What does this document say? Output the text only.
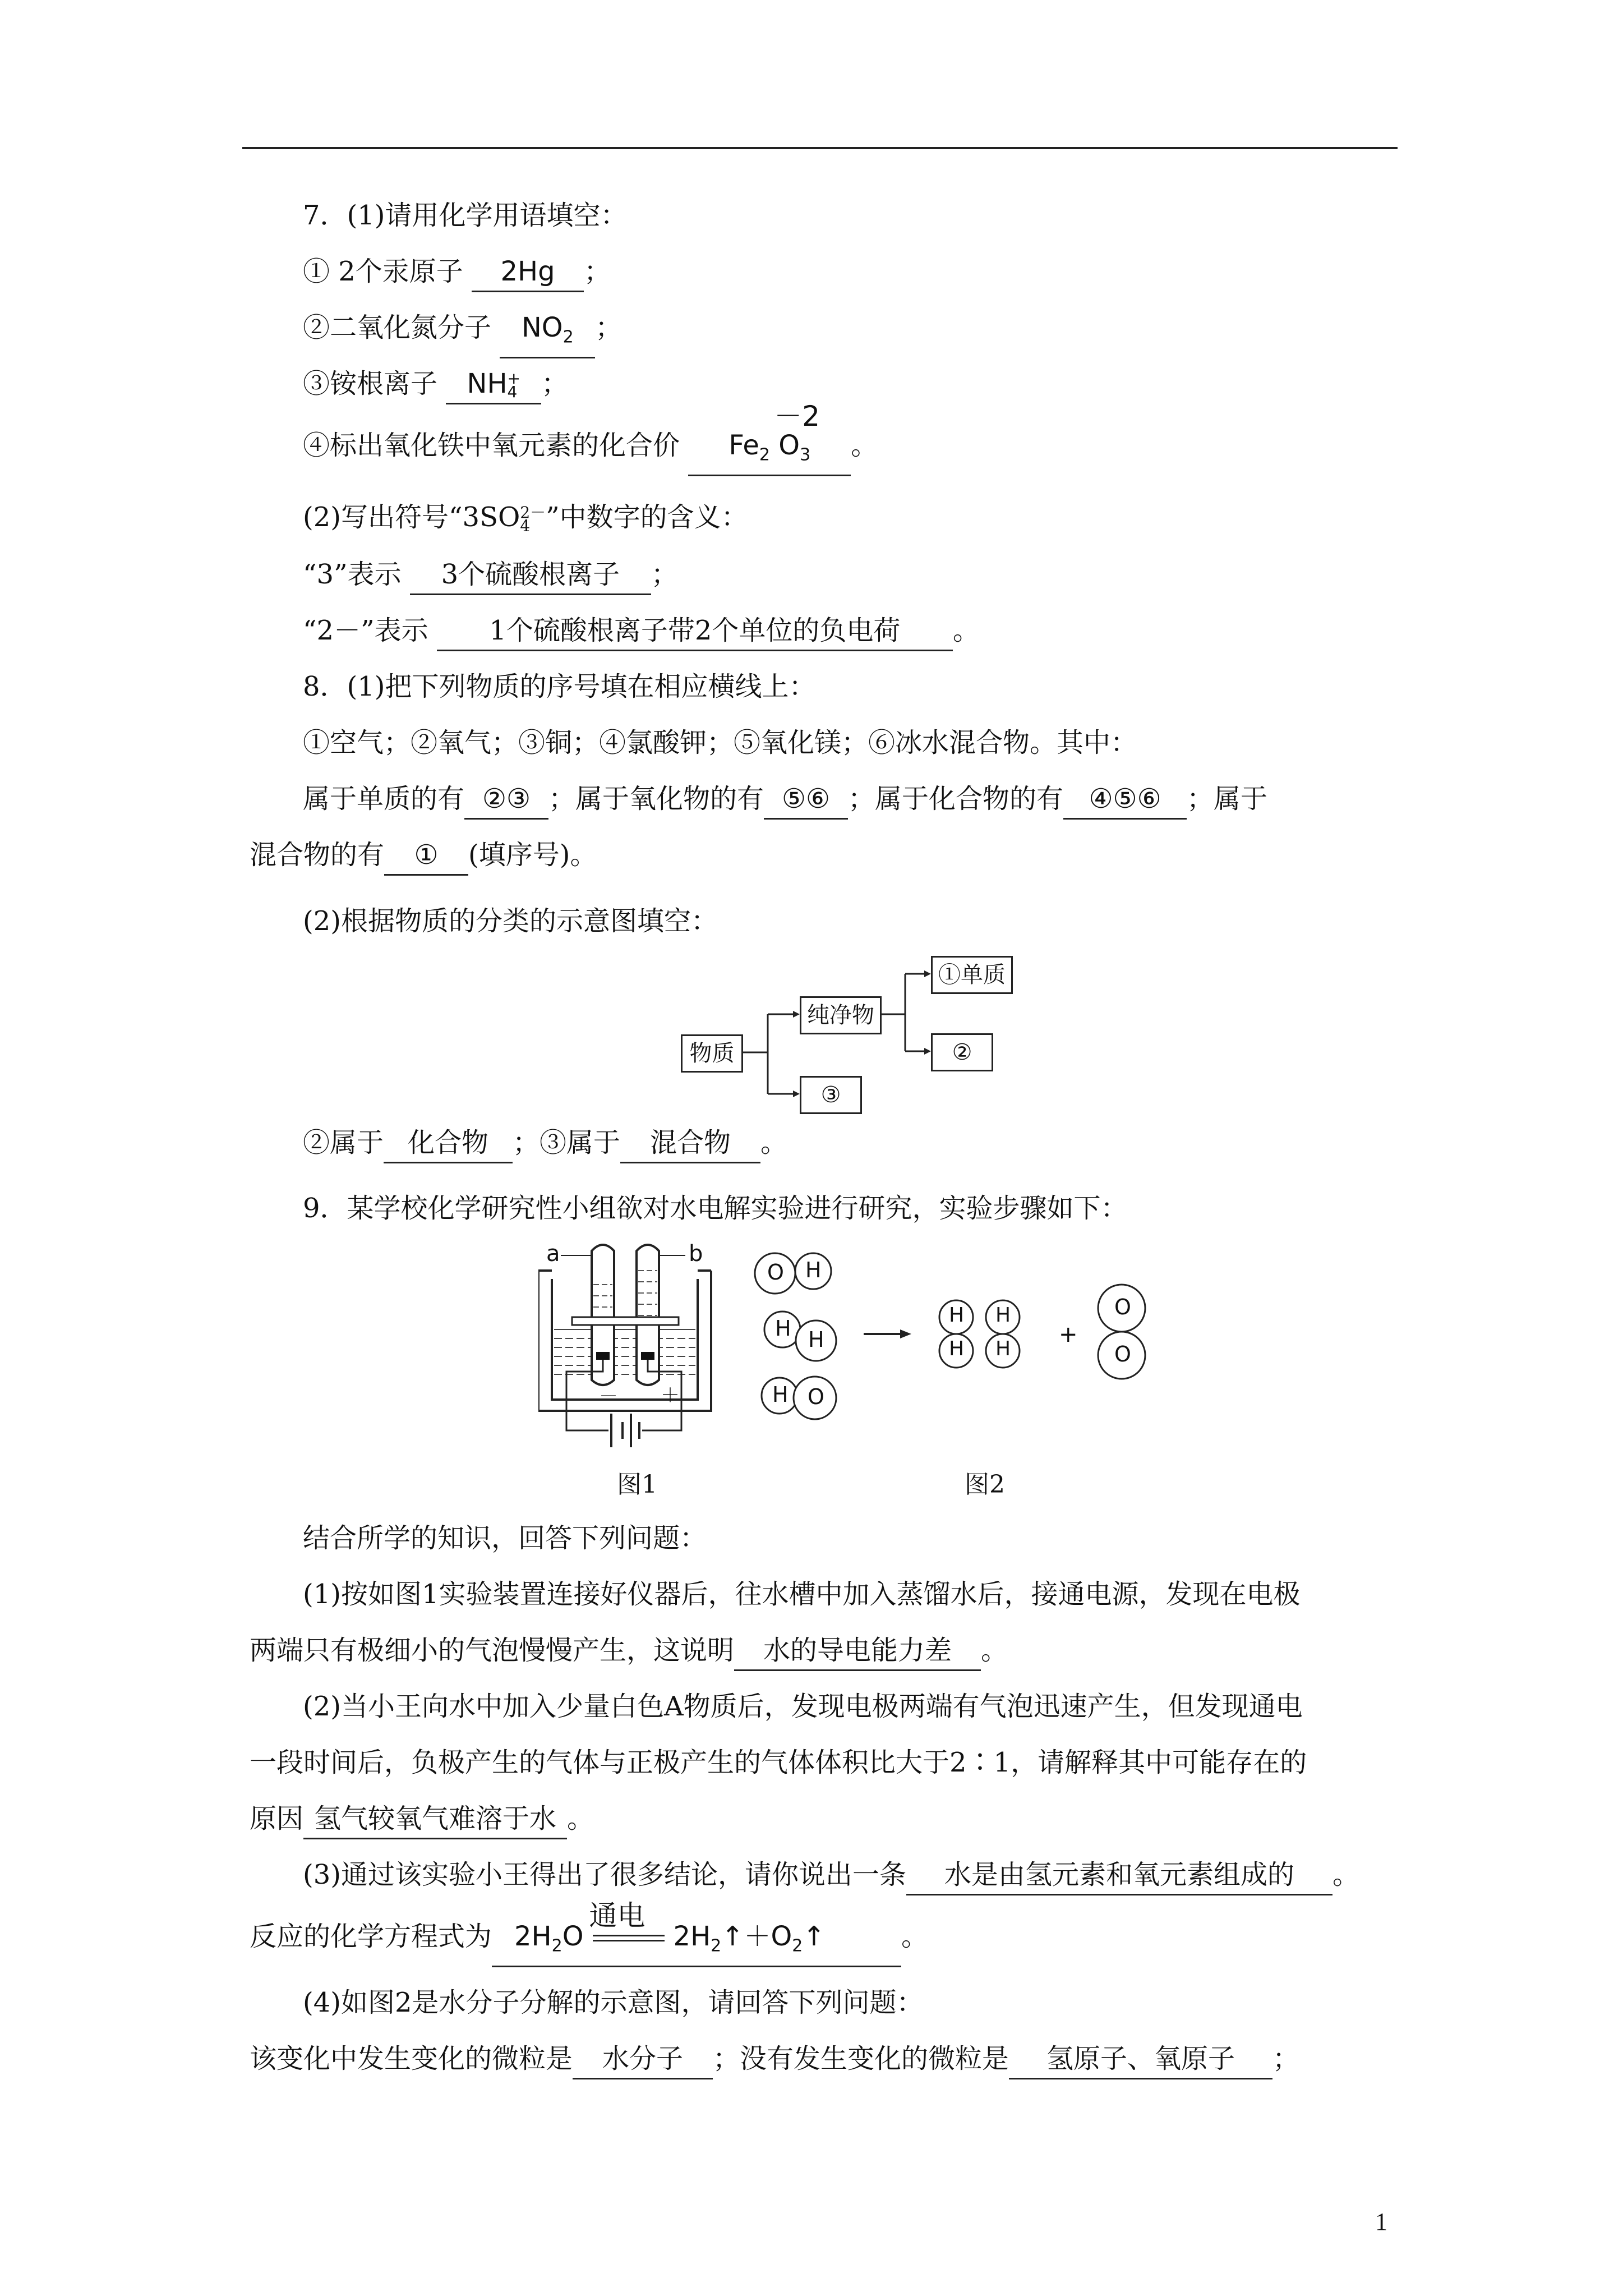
7．(1)请用化学用语填空：
① 2个汞原子 2Hg ；
②二氧化氮分子 $NO_2$ ；
③铵根离子 NH +
4 ；
④标出氧化铁中氧元素的化合价 $Fe_2$ O
－2
$_3$ 。
(2)写出符号“3SO 2－
4 ”中数字的含义：
“3”表示 3个硫酸根离子 ；
“2－”表示 1个硫酸根离子带2个单位的负电荷 。
8．(1)把下列物质的序号填在相应横线上：
①空气；②氧气；③铜；④氯酸钾；⑤氧化镁；⑥冰水混合物。其中：
属于单质的有 ②③ ；属于氧化物的有 ⑤⑥ ；属于化合物的有 ④⑤⑥ ；属于
混合物的有 ① (填序号)。
(2)根据物质的分类的示意图填空：
物质
纯净物
③
①单质
②
②属于 化合物 ；③属于 混合物 。
9．某学校化学研究性小组欲对水电解实验进行研究，实验步骤如下：
a	b
－ ＋
图1
O H
H H
H O
H
H
H
H
+
O
O
图2
结合所学的知识，回答下列问题：
(1)按如图1实验装置连接好仪器后，往水槽中加入蒸馏水后，接通电源，发现在电极
两端只有极细小的气泡慢慢产生，这说明 水的导电能力差 。
(2)当小王向水中加入少量白色A物质后，发现电极两端有气泡迅速产生，但发现通电
一段时间后，负极产生的气体与正极产生的气体体积比大于2∶1，请解释其中可能存在的
原因 氢气较氧气难溶于水 。
(3)通过该实验小王得出了很多结论，请你说出一条 水是由氢元素和氧元素组成的 。
反应的化学方程式为 $2H_2O$
通电
$2H_2↑+O_2↑$	。
(4)如图2是水分子分解的示意图，请回答下列问题：
该变化中发生变化的微粒是 水分子 ；没有发生变化的微粒是 氢原子、氧原子 ；
1
